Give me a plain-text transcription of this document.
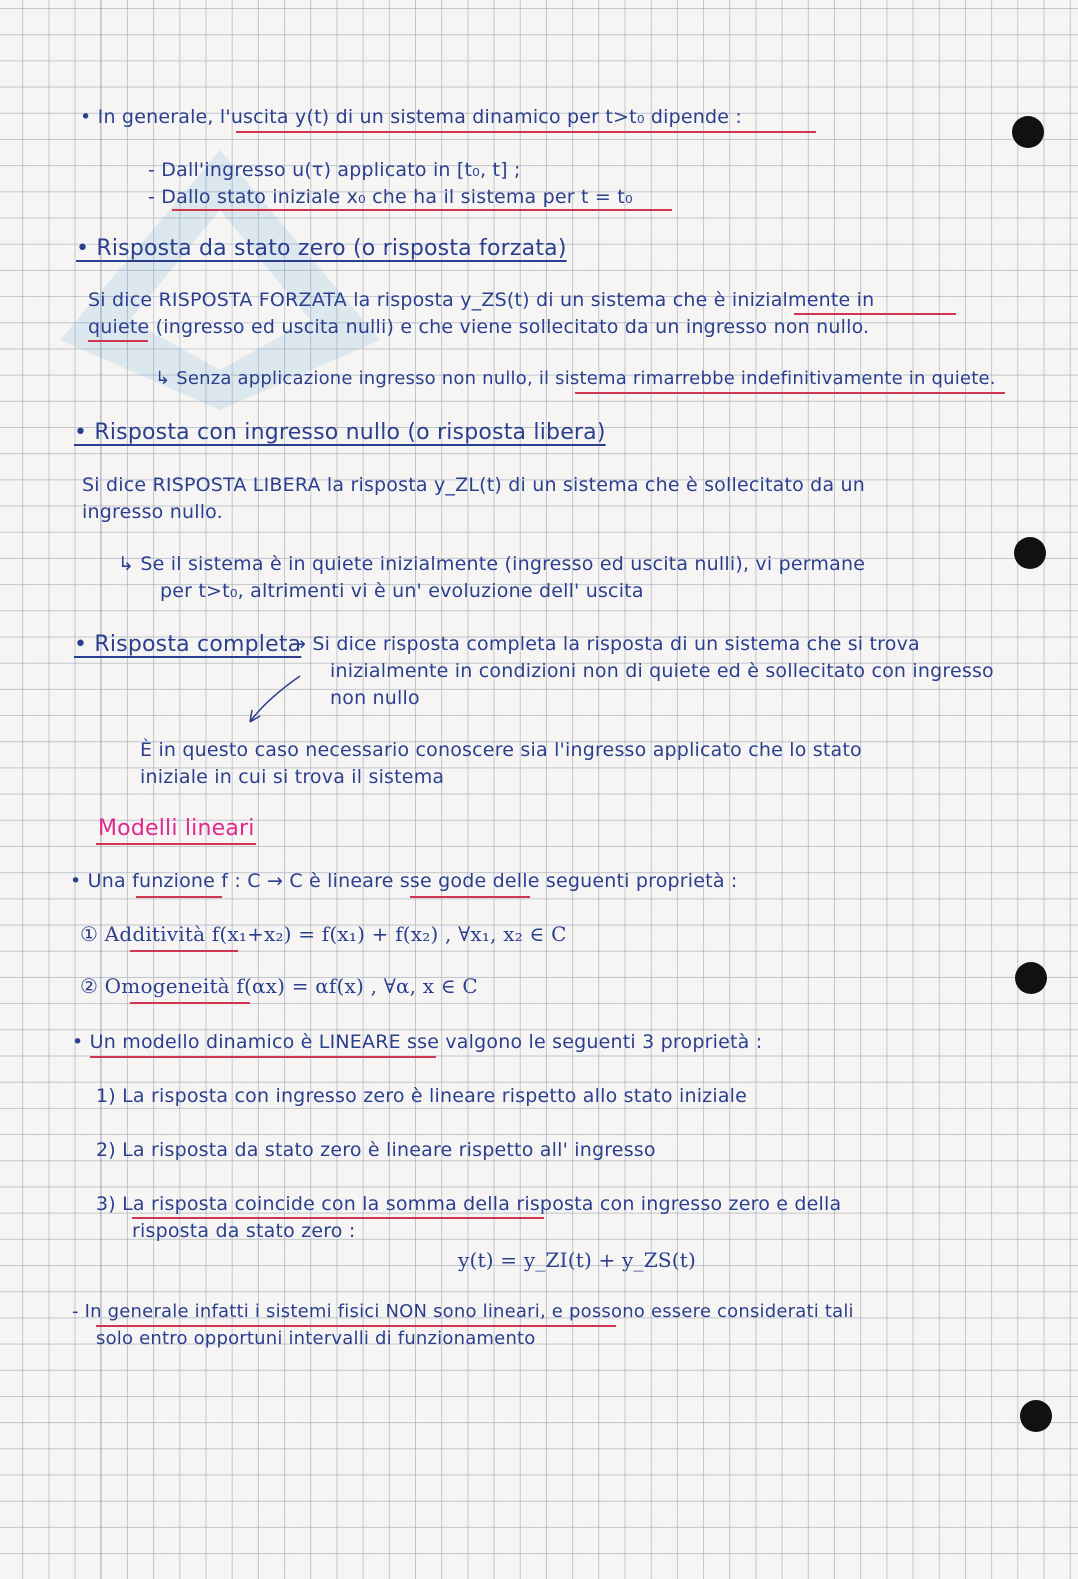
• In generale, l'uscita y(t) di un sistema dinamico per t>t₀ dipende :
- Dall'ingresso u(τ) applicato in [t₀, t] ;
- Dallo stato iniziale x₀ che ha il sistema per t = t₀
• Risposta da stato zero (o risposta forzata)
Si dice RISPOSTA FORZATA la risposta y_ZS(t) di un sistema che è inizialmente in
quiete (ingresso ed uscita nulli) e che viene sollecitato da un ingresso non nullo.
↳ Senza applicazione ingresso non nullo, il sistema rimarrebbe indefinitivamente in quiete.
• Risposta con ingresso nullo (o risposta libera)
Si dice RISPOSTA LIBERA la risposta y_ZL(t) di un sistema che è sollecitato da un
ingresso nullo.
↳ Se il sistema è in quiete inizialmente (ingresso ed uscita nulli), vi permane
per t>t₀, altrimenti vi è un' evoluzione dell' uscita
• Risposta completa
→ Si dice risposta completa la risposta di un sistema che si trova
inizialmente in condizioni non di quiete ed è sollecitato con ingresso
non nullo
È in questo caso necessario conoscere sia l'ingresso applicato che lo stato
iniziale in cui si trova il sistema
Modelli lineari
• Una funzione f : C → C è lineare sse gode delle seguenti proprietà :
① Additività f(x₁+x₂) = f(x₁) + f(x₂) , ∀x₁, x₂ ∈ C
② Omogeneità f(αx) = αf(x) , ∀α, x ∈ C
• Un modello dinamico è LINEARE sse valgono le seguenti 3 proprietà :
1) La risposta con ingresso zero è lineare rispetto allo stato iniziale
2) La risposta da stato zero è lineare rispetto all' ingresso
3) La risposta coincide con la somma della risposta con ingresso zero e della
risposta da stato zero :
y(t) = y_ZI(t) + y_ZS(t)
- In generale infatti i sistemi fisici NON sono lineari, e possono essere considerati tali
solo entro opportuni intervalli di funzionamento
